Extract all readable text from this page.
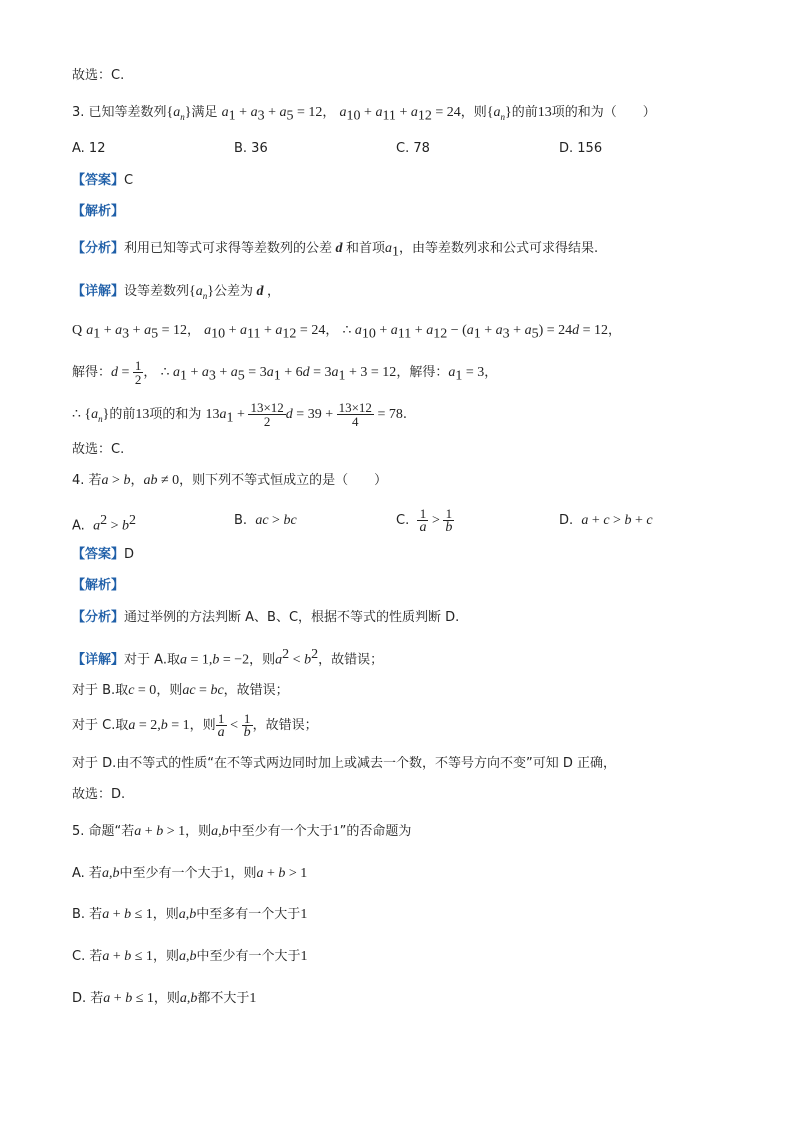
故选：C.
3. 已知等差数列$\{a_n\}$满足 $a_1 + a_3 + a_5 = 12$， $a_{10} + a_{11} + a_{12} = 24$，则$\{a_n\}$的前13项的和为（　　）
A. 12	B. 36	C. 78	D. 156
【答案】C
【解析】
【分析】利用已知等式可求得等差数列的公差 d 和首项$a_1$，由等差数列求和公式可求得结果.
【详解】设等差数列$\{a_n\}$公差为 d ，
Q $a_1 + a_3 + a_5 = 12$， $a_{10} + a_{11} + a_{12} = 24$， ∴ $a_{10} + a_{11} + a_{12} - (a_1 + a_3 + a_5) = 24d = 12$，
解得：$d = \frac{1}{2}$ ， ∴ $a_1 + a_3 + a_5 = 3a_1 + 6d = 3a_1 + 3 = 12$，解得：$a_1 = 3$，
∴ $\{a_n\}$的前13项的和为 $13a_1 + \frac{13\times 12}{2}$ $d = 39 + \frac{13\times 12}{4} = 78$.
故选：C.
4. 若a > b，ab ≠ 0，则下列不等式恒成立的是（　　）
A. $a^2 > b^2$	B. ac > bc	C. $\frac{1}{a} > \frac{1}{b}$	D. a + c > b + c
【答案】D
【解析】
【分析】通过举例的方法判断 A、B、C，根据不等式的性质判断 D.
【详解】对于 A.取a = 1,b = −2，则$a^2 < b^2$，故错误；
对于 B.取c = 0，则ac = bc，故错误；
对于 C.取a = 2,b = 1，则 $\frac{1}{a} < \frac{1}{b}$ ，故错误；
对于 D.由不等式的性质“在不等式两边同时加上或减去一个数，不等号方向不变”可知 D 正确，
故选：D.
5. 命题“若a + b > 1，则a,b中至少有一个大于1”的否命题为
A. 若a,b中至少有一个大于1，则a + b > 1
B. 若a + b ≤ 1，则a,b中至多有一个大于1
C. 若a + b ≤ 1，则a,b中至少有一个大于1
D. 若a + b ≤ 1，则a,b都不大于1
